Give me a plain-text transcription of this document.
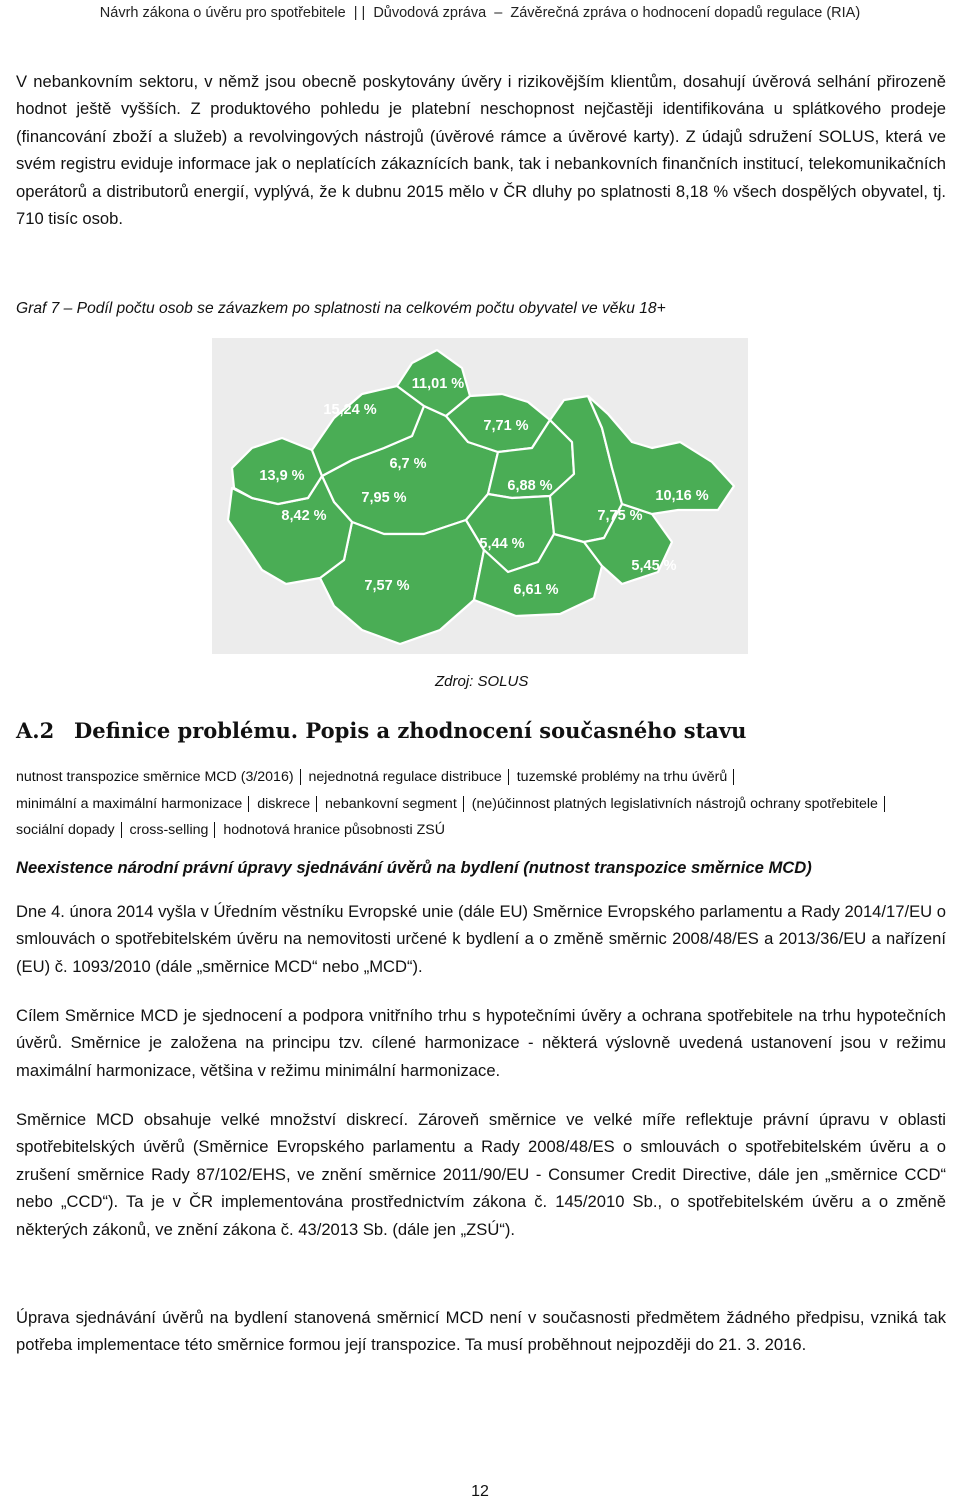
Návrh zákona o úvěru pro spotřebitele  | |  Důvodová zpráva  –  Závěrečná zpráva o hodnocení dopadů regulace (RIA)

V nebankovním sektoru, v němž jsou obecně poskytovány úvěry i rizikovějším klientům, dosahují úvěrová selhání přirozeně hodnot ještě vyšších. Z produktového pohledu je platební neschopnost nejčastěji identifikována u splátkového prodeje (financování zboží a služeb) a revolvingových nástrojů (úvěrové rámce a úvěrové karty). Z údajů sdružení SOLUS, která ve svém registru eviduje informace jak o neplatících zákaznících bank, tak i nebankovních finančních institucí, telekomunikačních operátorů a distributorů energií, vyplývá, že k dubnu 2015 mělo v ČR dluhy po splatnosti 8,18 % všech dospělých obyvatel, tj. 710 tisíc osob.

Graf 7 – Podíl počtu osob se závazkem po splatnosti na celkovém počtu obyvatel ve věku 18+
6,7 %
7,95 %
7,57 %
8,42 %
13,9 %
15,24 %
11,01 %
7,71 %
6,88 %
5,44 %
6,61 %
7,75 %
5,45 %
10,16 %
Zdroj: SOLUS
A.2 Definice problému. Popis a zhodnocení současného stavu
nutnost transpozice směrnice MCD (3/2016) nejednotná regulace distribuce tuzemské problémy na trhu úvěrů minimální a maximální harmonizace diskrece nebankovní segment (ne)účinnost platných legislativních nástrojů ochrany spotřebitele sociální dopady cross-selling hodnotová hranice působnosti ZSÚ
Neexistence národní právní úpravy sjednávání úvěrů na bydlení (nutnost transpozice směrnice MCD)

Dne 4. února 2014 vyšla v Úředním věstníku Evropské unie (dále EU) Směrnice Evropského parlamentu a Rady 2014/17/EU o smlouvách o spotřebitelském úvěru na nemovitosti určené k bydlení a o změně směrnic 2008/48/ES a 2013/36/EU a nařízení (EU) č. 1093/2010 (dále „směrnice MCD“ nebo „MCD“).

Cílem Směrnice MCD je sjednocení a podpora vnitřního trhu s hypotečními úvěry a ochrana spotřebitele na trhu hypotečních úvěrů. Směrnice je založena na principu tzv. cílené harmonizace - některá výslovně uvedená ustanovení jsou v režimu maximální harmonizace, většina v režimu minimální harmonizace.

Směrnice MCD obsahuje velké množství diskrecí. Zároveň směrnice ve velké míře reflektuje právní úpravu v oblasti spotřebitelských úvěrů (Směrnice Evropského parlamentu a Rady 2008/48/ES o smlouvách o spotřebitelském úvěru a o zrušení směrnice Rady 87/102/EHS, ve znění směrnice 2011/90/EU - Consumer Credit Directive, dále jen „směrnice CCD“ nebo „CCD“). Ta je v ČR implementována prostřednictvím zákona č. 145/2010 Sb., o spotřebitelském úvěru a o změně některých zákonů, ve znění zákona č. 43/2013 Sb. (dále jen „ZSÚ“).

Úprava sjednávání úvěrů na bydlení stanovená směrnicí MCD není v současnosti předmětem žádného předpisu, vzniká tak potřeba implementace této směrnice formou její transpozice. Ta musí proběhnout nejpozději do 21. 3. 2016.

12
